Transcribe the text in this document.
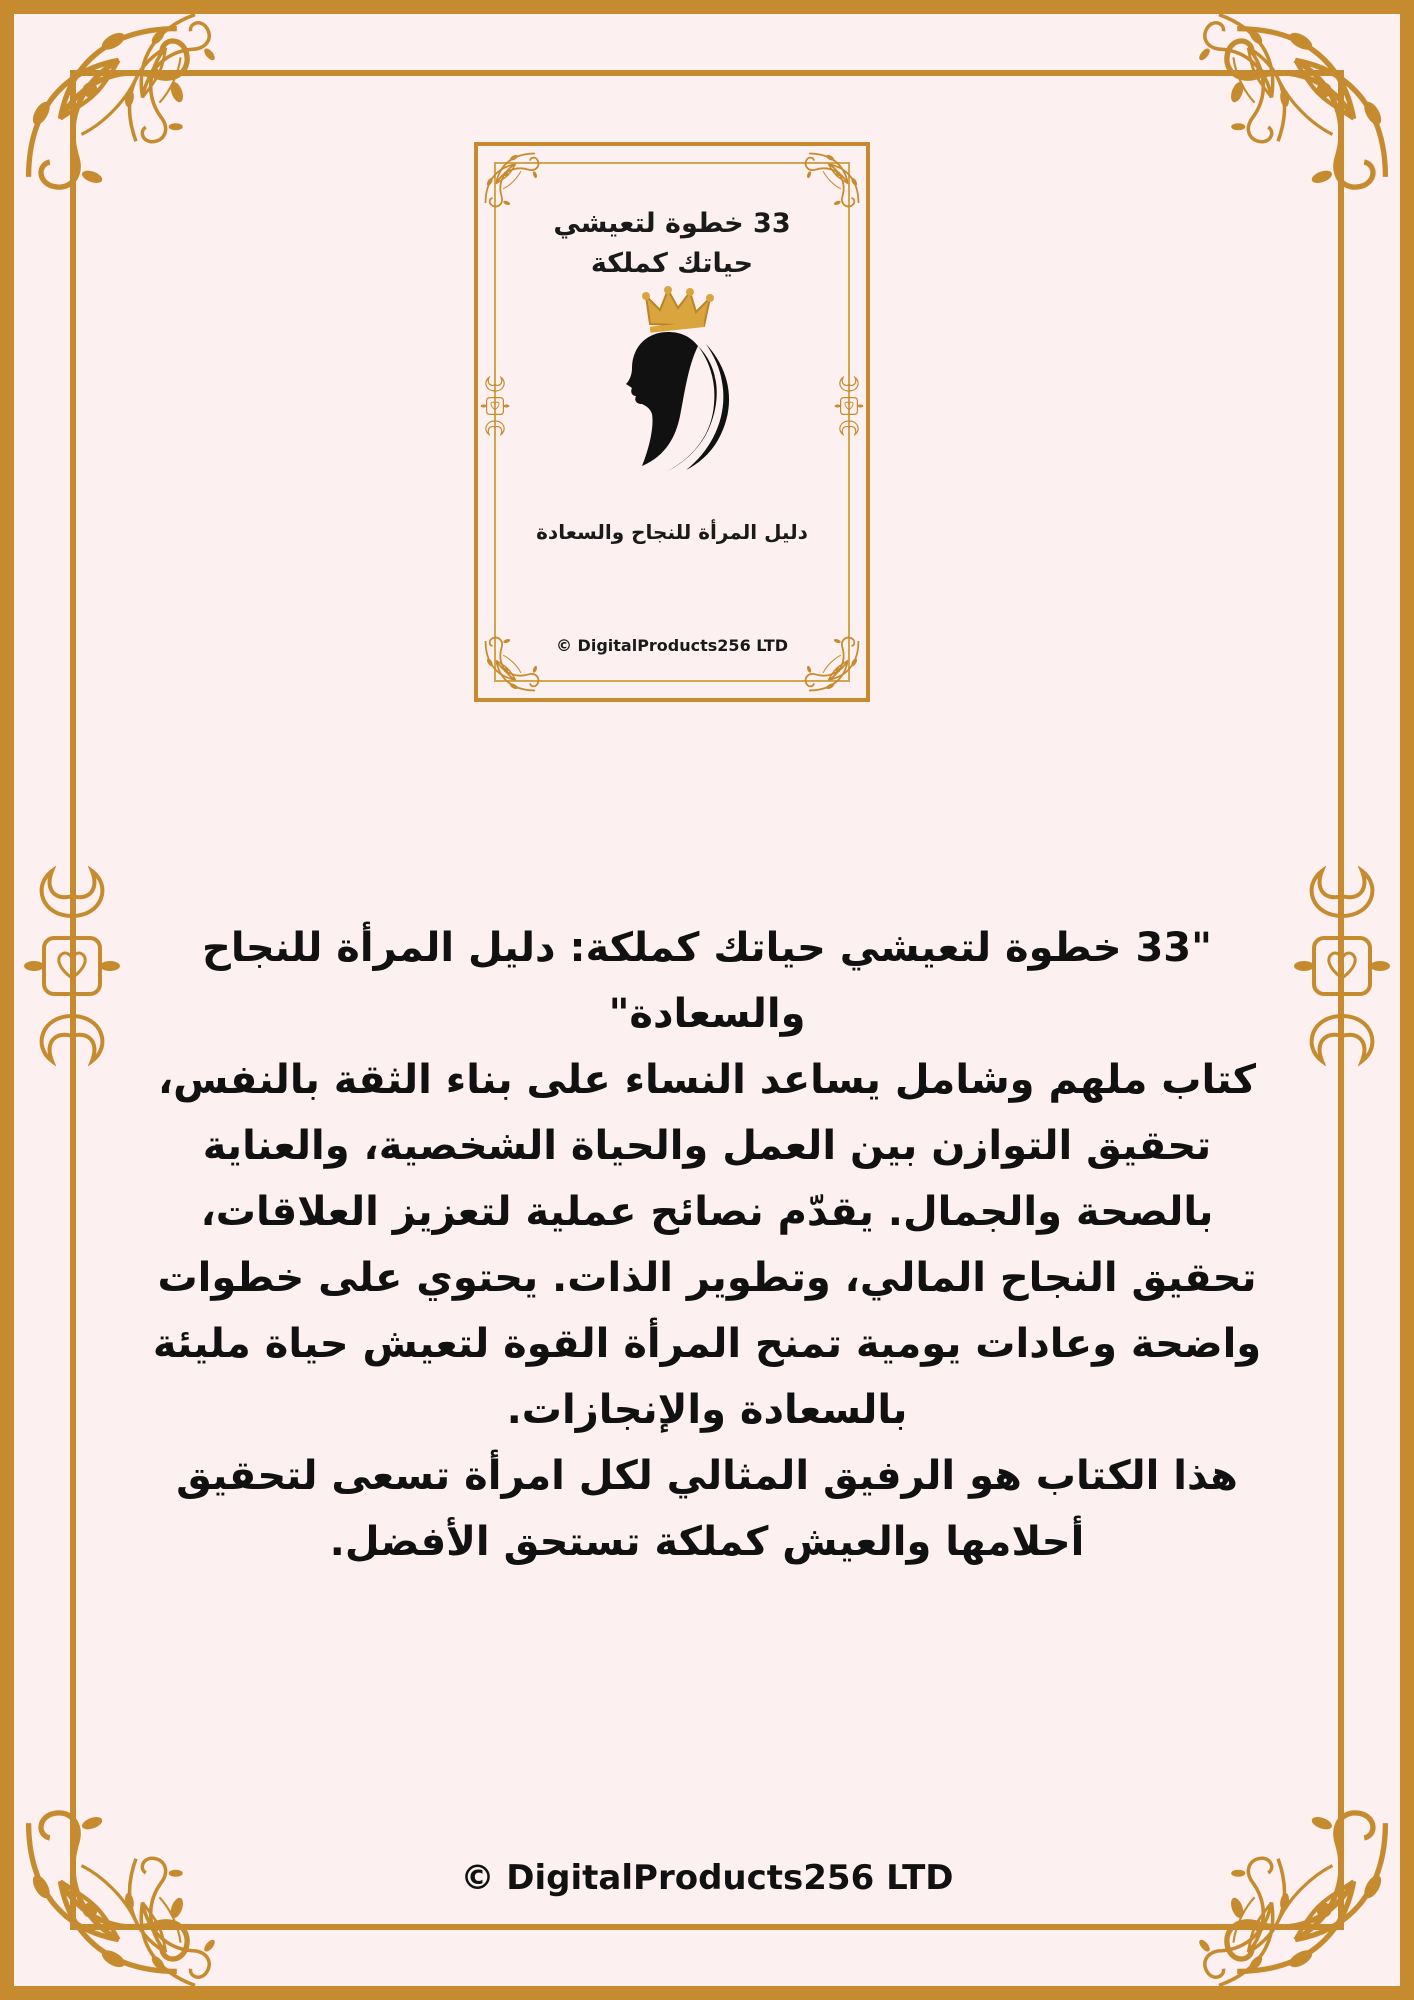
33 خطوة لتعيشي
حياتك كملكة
دليل المرأة للنجاح والسعادة
© DigitalProducts256 LTD
"33 خطوة لتعيشي حياتك كملكة: دليل المرأة للنجاح
والسعادة"
كتاب ملهم وشامل يساعد النساء على بناء الثقة بالنفس،
تحقيق التوازن بين العمل والحياة الشخصية، والعناية
بالصحة والجمال. يقدّم نصائح عملية لتعزيز العلاقات،
تحقيق النجاح المالي، وتطوير الذات. يحتوي على خطوات
واضحة وعادات يومية تمنح المرأة القوة لتعيش حياة مليئة
بالسعادة والإنجازات.
هذا الكتاب هو الرفيق المثالي لكل امرأة تسعى لتحقيق
أحلامها والعيش كملكة تستحق الأفضل.
© DigitalProducts256 LTD
